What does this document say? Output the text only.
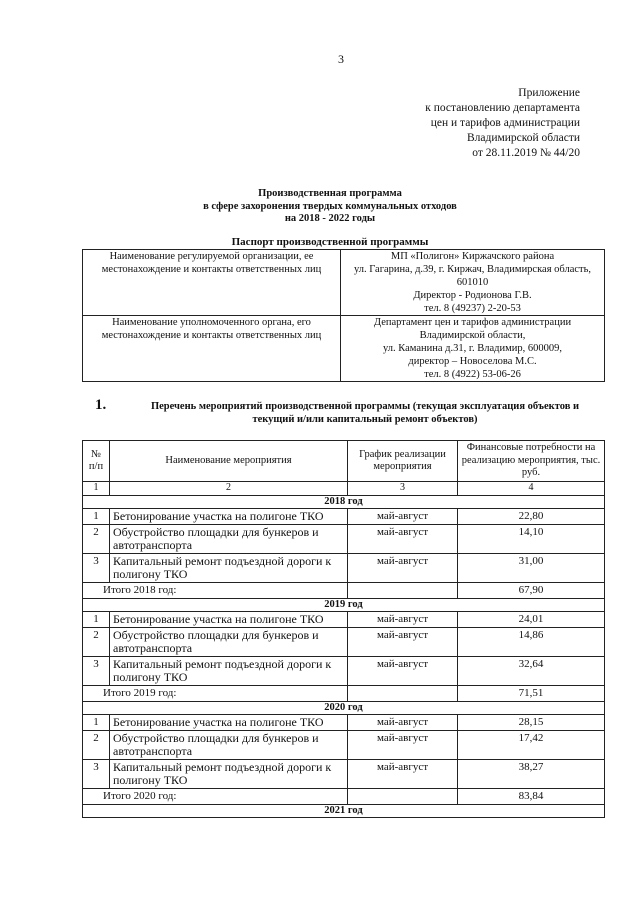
3
Приложение
к постановлению департамента
цен и тарифов администрации
Владимирской области
от 28.11.2019 № 44/20
Производственная программа
в сфере захоронения твердых коммунальных отходов
на 2018 - 2022 годы
Паспорт производственной программы
Наименование регулируемой организации, ее местонахождение и контакты ответственных лиц	МП «Полигон» Киржачского района
ул. Гагарина, д.39, г. Киржач, Владимирская область, 601010
Директор - Родионова Г.В.
тел. 8 (49237) 2-20-53

Наименование уполномоченного органа, его местонахождение и контакты ответственных лиц	Департамент цен и тарифов администрации Владимирской области,
ул. Каманина д.31, г. Владимир, 600009,
директор – Новоселова М.С.
тел. 8 (4922) 53-06-26
1.	Перечень мероприятий производственной программы (текущая эксплуатация объектов и текущий и/или капитальный ремонт объектов)
№ п/п	Наименование мероприятия	График реализации мероприятия	Финансовые потребности на реализацию мероприятия, тыс. руб.
1	2	3	4
2018 год			
1	Бетонирование участка на полигоне ТКО	май-август	22,80
2	Обустройство площадки для бункеров и автотранспорта	май-август	14,10
3	Капитальный ремонт подъездной дороги к полигону ТКО	май-август	31,00
Итого 2018 год:			67,90
2019 год			
1	Бетонирование участка на полигоне ТКО	май-август	24,01
2	Обустройство площадки для бункеров и автотранспорта	май-август	14,86
3	Капитальный ремонт подъездной дороги к полигону ТКО	май-август	32,64
Итого 2019 год:			71,51
2020 год			
1	Бетонирование участка на полигоне ТКО	май-август	28,15
2	Обустройство площадки для бункеров и автотранспорта	май-август	17,42
3	Капитальный ремонт подъездной дороги к полигону ТКО	май-август	38,27
Итого 2020 год:			83,84
2021 год			
